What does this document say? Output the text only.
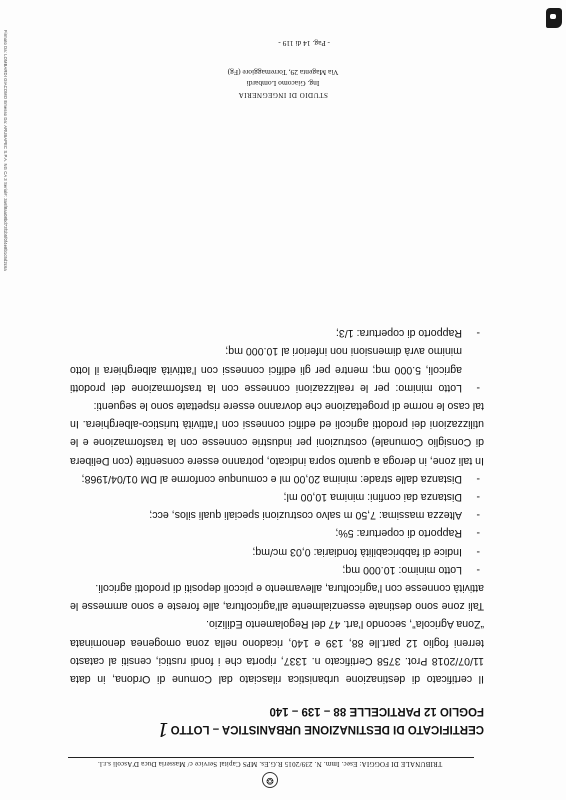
❂
TRIBUNALE DI FOGGIA: Esec. Imm. N. 239/2015 R.G.Es. MPS Capital Service c/ Masseria Duca D'Ascoli s.r.l.
CERTIFICATO DI DESTINAZIONE URBANISTICA – LOTTO1
FOGLIO 12 PARTICELLE 88 – 139 – 140

Il certificato di destinazione urbanistica rilasciato dal Comune di Ordona, in data 11/07/2018 Prot. 3758 Certificato n. 1337, riporta che i fondi rustici, censiti al catasto terreni foglio 12 part.lle 88, 139 e 140, ricadono nella zona omogenea denominata “Zona Agricola”, secondo l’art. 47 del Regolamento Edilizio.

Tali zone sono destinate essenzialmente all’agricoltura, alle foreste e sono ammesse le attività connesse con l’agricoltura, allevamento e piccoli depositi di prodotti agricoli.

- Lotto minimo: 10.000 mq;
- Indice di fabbricabilità fondiaria: 0,03 mc/mq;
- Rapporto di copertura: 5%;
- Altezza massima: 7,50 m salvo costruzioni speciali quali silos, ecc;
- Distanza dai confini: minima 10,00 ml;
- Distanza dalle strade: minima 20,00 ml e comunque conforme al DM 01/04/1968;

In tali zone, in deroga a quanto sopra indicato, potranno essere consentite (con Delibera di Consiglio Comunale) costruzioni per industrie connesse con la trasformazione e le utilizzazioni dei prodotti agricoli ed edifici connessi con l’attività turistico-alberghiera. In tal caso le norme di progettazione che dovranno essere rispettate sono le seguenti:

- Lotto minimo: per le realizzazioni connesse con la trasformazione dei prodotti agricoli, 5.000 mq; mentre per gli edifici connessi con l’attività alberghiera il lotto minimo avrà dimensioni non inferiori al 10.000 mq;
- Rapporto di copertura: 1/3;
STUDIO DI INGEGNERIA
Ing. Giacomo Lombardi
Via Magenta 29, Torremaggiore (Fg)
- Pag. 14 di 119 -
Firmato Da: LOMBARDI GIACOMO Emesso Da: ARUBAPEC S.P.A. NG CA 3 Serial#: 3a6f8aa08bd73f1b5f0f4e8b1c5d2c6a
